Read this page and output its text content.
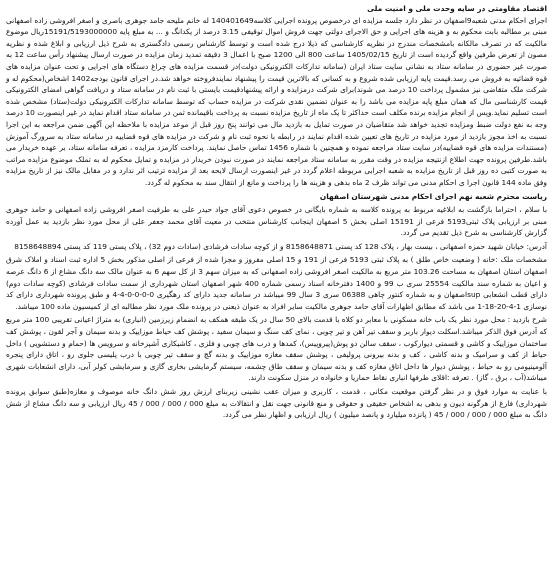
اقتصاد مقاومتی در سایه وحدت ملی و امنیت ملی

اجرای احکام مدنی شعبه9اصفهان در نظر دارد جلسه مزایده ای درخصوص پرونده اجرایی کلاسه140401649 له خانم ملیحه جامد جوهری باصری و اصغر افروشی زاده اصفهانی مبنی بر مطالبه بابت محکوم به و هزینه های اجرایی و حق الاجرای دولتی جهت فروش اموال توقیفی 3.15 درصد از یکدانگ و ... به مبلغ پایه 15191/5193000000ریال موضوع مالکیت که در تصرف مالکانه بامشخصات مندرج در نظریه کارشناسی که ذیلا درج شده است و توسط کارشناس رسمی دادگستری به شرح ذیل ارزیابی و ابلاغ شده و نظریه مصون از تعرض طرفین واقع گردیده است از تاریخ 1405/02/15 ساعت 800 الی 1200 صبح با اعمال 3 دقیقه تمدید زمان مزایده در صورت ارسال پیشنهاد رأس ساعت 12 به صورت غیر حضوری در سامانه ستاد به نشانی سایت ستاد ایران (سامانه تدارکات الکترونیکی دولت)در قسمت مزایده های چراغ دستگاه های اجرایی و تحت عنوان مزایده های قوه قضائیه به فروش می رسد.قیمت پایه ارزیابی شده شروع و به کسانی که بالاترین قیمت را پیشنهاد نمایندفروخته خواهد شد.در اجرای قانون بودجه1402 اشخاص(محکوم له و شرکت ملک متقاضی نیز مشمول پرداخت 10 درصد می شوند)برای شرکت درمزایده و ارائه پیشنهادقیمت بایستی با ثبت نام در سامانه ستاد و دریافت گواهی امضای الکترونیکی قیمت کارشناسی مال که همان مبلغ پایه مزایده می باشد را به عنوان تضمین نقدی شرکت در مزایده حساب که توسط سامانه تدارکات الکترونیکی دولت(ستاد) مشخص شده است تسلیم نماید.وپس از انجام مزایده برنده مکلف است حداکثر تا یک ماه از تاریخ مزایده نسبت به پرداخت باقیمانده ثمن در سامانه ستاد اقدام نماید در غیر اینصورت 10 درصد وجه به نفع دولت ضبط ومزایده تجدید خواهد شد متقاضیان در صورت تمایل به بازدید مال می توانند پنج روز قبل از موعد مزایده با ملاحظه این آگهی ضمن مراجعه به این اجرا نسبت به اخذ مجوز بازدید از مورد مزایده در تاریخ های تعیین شده اقدام نمایند در رابطه با نحوه ثبت نام و شرکت در مزایده های قوه قضاییه در سامانه ستاد به سرورگ آموزش (مستندات مزایده های قوه قضاییه)در سایت ستاد مراجعه نموده و همچنین با شماره 1456 تماس حاصل نمایند. پرداخت کارمزد مزایده ، تعرفه سامانه ستاد، بر عهده خریدار می باشد.طرفین پرونده جهت اطلاع ازنتیجه مزایده در وقت مقرر به سامانه ستاد مراجعه نمایند در صورت نبودن خریدار در مزایده و تمایل محکوم له به تملک موضوع مزایده مراتب به صورت کتبی ده روز قبل از تاریخ مزایده به شعبه اجرایی مربوطه اعلام گردد در غیر اینصورت ارسال لایحه بعد از مزایده ترتیب اثر ندارد و در مقابل مالک نیز از تاریخ مزایده وفق ماده 144 قانون اجرا ی احکام مدنی می تواند ظرف 2 ماه بدهی و هزینه ها را پرداخت و مانع از انتقال سند به محکوم له گردد.

ریاست محترم شعبه نهم اجرای احکام مدنی شهرستان اصفهان

با سلام ، احتراما بازگشت به ابلاغیه مربوط به پرونده کلاسه به شماره بایگانی در خصوص دعوی آقای جواد حیدر علی به طرفیت اصغر افروشی زاده اصفهانی و حامد جوهری مبنی بر ارزیابی پلاک ثبتی5193 فرعی از 15191 اصلی بخش 5 اصفهان اینجانب کارشناس منتخب در معیت آقای محمد جعفر علی از محل مورد نظر بازدید به عمل آورده گزارش کارشناسی به شرح ذیل تقدیم می گردد.

آدرس: خیابان شهید حمزه اصفهانی ، بیست بهار ، پلاک 128 کد پستی 8158648871 و از کوچه سادات فرشادی (سادات دوم 32) ، پلاک پستی 119 کد پستی 8158648894

مشخصات ملک :خانه ( وضعیت خاص طلق ) به پلاک ثبتی 5193 فرعی از 191 و 15 اصلی مفروز و مجزا شده از فرعی از اصلی مذکور بخش 5 اداره ثبت اسناد و املاک شرق اصفهان استان اصفهان به مساحت 103.26 متر مربع به مالکیت اصغر افروشی زاده اصفهانی که به میزان سهم 3 از کل سهم 6 به عنوان مالک سه دانگ مشاع از 6 دانگ عرصه و اعیان به شماره سند مالکیت 25554 سری ب 99 و 1400 دفترخانه اسناد رسمی شماره 400 شهر اصفهان استان شهرداری از سمت سادات فرشادی (کوچه سادات دوم) دارای قطب انشعابی supاصفهان و به شماره کنتور چاهی 06388 سری 3 سال 99 میباشد در سامانه جدید دارای کد رهگیری 0-0-0-0-4-4 و طبق پرونده شهرداری دارای کد نوسازی 1-4-20-18-1 می باشد که مطابق اظهارات آقای حامد جوهری مالکیت سایر افراد به عنوان ذیعنی در پرونده ملک مورد نظر مطالبه ای از کمیسیون ماده 100 میباشد.

شرح بازدید : محل مورد نظر یک باب خانه مسکونی با معابر دو کلاه با قدمت بالای 50 سال در یک طبقه همکف به انضمام زیرزمین (انباری) به متراژ اعیانی تقریبی 100 متر مربع که آدرس فوق الذکر میباشد.اسکلت دیوار باربر و سقف تیر آهن و تیر چوبی ، نمای کف سنگ و سیمان سفید ، پوشش کف حیاط موزاییک و بدنه سیمان و آجر لقون ، پوشش کف ساختمان موزاییک و کاشی و قسمتی دیوارکوب ، سقف سالن دو پوش(پیروپیس)، کمدها و درب های چوبی و فلزی ، کاشیکاری آشپزخانه و سرویس ها (حمام و دستشویی ) داخل حیاط از کف و سرامیک و بدنه کاشی ، کف و بدنه بیرونی پرولیفی ، پوشش سقف مغازه موزاییک و بدنه گچ و سقف تیر چوبی با درب پلیسی جلوی رو ، اتاق دارای پنجره آلومینیومی رو به حیاط ، پوشش دیوار ها داخل اتاق مغازه کف و بدنه سیمان و سقف طاق چشمه، سیستم گرمایشی بخاری گازی و سرمایشی کولر آبی، دارای انشعابات شهری میباشد(آب ، برق ، گاز) . تعرفه :اقلای طرفها انباری نقاط حماریا و خانواده در منزل سکونت دارند.

با عنایت به موارد فوق و در نظر گرفتن موقعیت مکانی ، قدمت ، کاربری و میزان عقب نشینی زیربنای ارزش روز شش دانگ خانه موصوف و مغازه(طبق سوابق پرونده شهرداری) فارغ از هرگونه دیون و بدهی به اشخاص حقیقی و حقوقی و منع قانونی جهت نقل و انتقالات به مبلغ 000 / 000 / 000 / 45 ریال ارزیابی و سه دانگ مشاع از شش دانگ به مبلغ 000 / 000 / 000 / 45 ( پانزده میلیارد و پانصد میلیون ) ریال ارزیابی و اظهار نظر می گردد.
